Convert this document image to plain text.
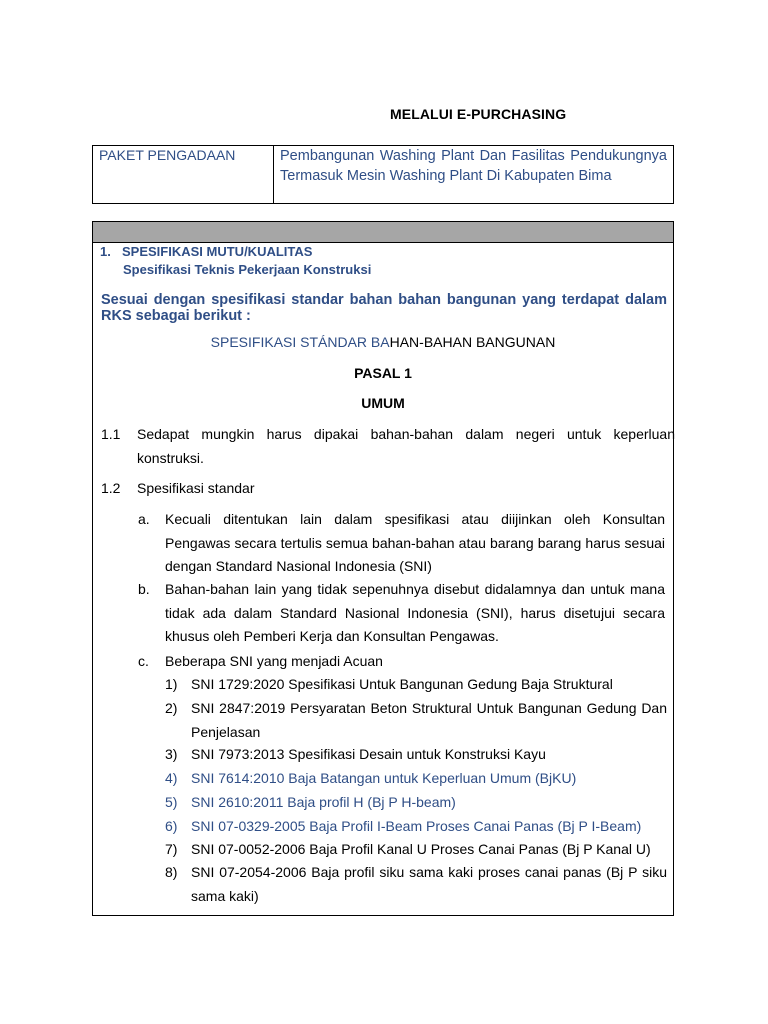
MELALUI E-PURCHASING
PAKET PENGADAAN	Pembangunan Washing Plant Dan Fasilitas Pendukungnya Termasuk Mesin Washing Plant Di Kabupaten Bima
1. SPESIFIKASI MUTU/KUALITAS
Spesifikasi Teknis Pekerjaan Konstruksi
Sesuai dengan spesifikasi standar bahan bahan bangunan yang terdapat dalam RKS sebagai berikut :
SPESIFIKASI STÁNDAR BAHAN-BAHAN BANGUNAN
PASAL 1
UMUM
1.1 Sedapat mungkin harus dipakai bahan-bahan dalam negeri untuk keperluan konstruksi.
1.2 Spesifikasi standar
a. Kecuali ditentukan lain dalam spesifikasi atau diijinkan oleh Konsultan Pengawas secara tertulis semua bahan-bahan atau barang barang harus sesuai dengan Standard Nasional Indonesia (SNI)
b. Bahan-bahan lain yang tidak sepenuhnya disebut didalamnya dan untuk mana tidak ada dalam Standard Nasional Indonesia (SNI), harus disetujui secara khusus oleh Pemberi Kerja dan Konsultan Pengawas.
c. Beberapa SNI yang menjadi Acuan
1) SNI 1729:2020 Spesifikasi Untuk Bangunan Gedung Baja Struktural
2) SNI 2847:2019 Persyaratan Beton Struktural Untuk Bangunan Gedung Dan Penjelasan
3) SNI 7973:2013 Spesifikasi Desain untuk Konstruksi Kayu
4) SNI 7614:2010 Baja Batangan untuk Keperluan Umum (BjKU)
5) SNI 2610:2011 Baja profil H (Bj P H-beam)
6) SNI 07-0329-2005 Baja Profil I-Beam Proses Canai Panas (Bj P I-Beam)
7) SNI 07-0052-2006 Baja Profil Kanal U Proses Canai Panas (Bj P Kanal U)
8) SNI 07-2054-2006 Baja profil siku sama kaki proses canai panas (Bj P siku sama kaki)
